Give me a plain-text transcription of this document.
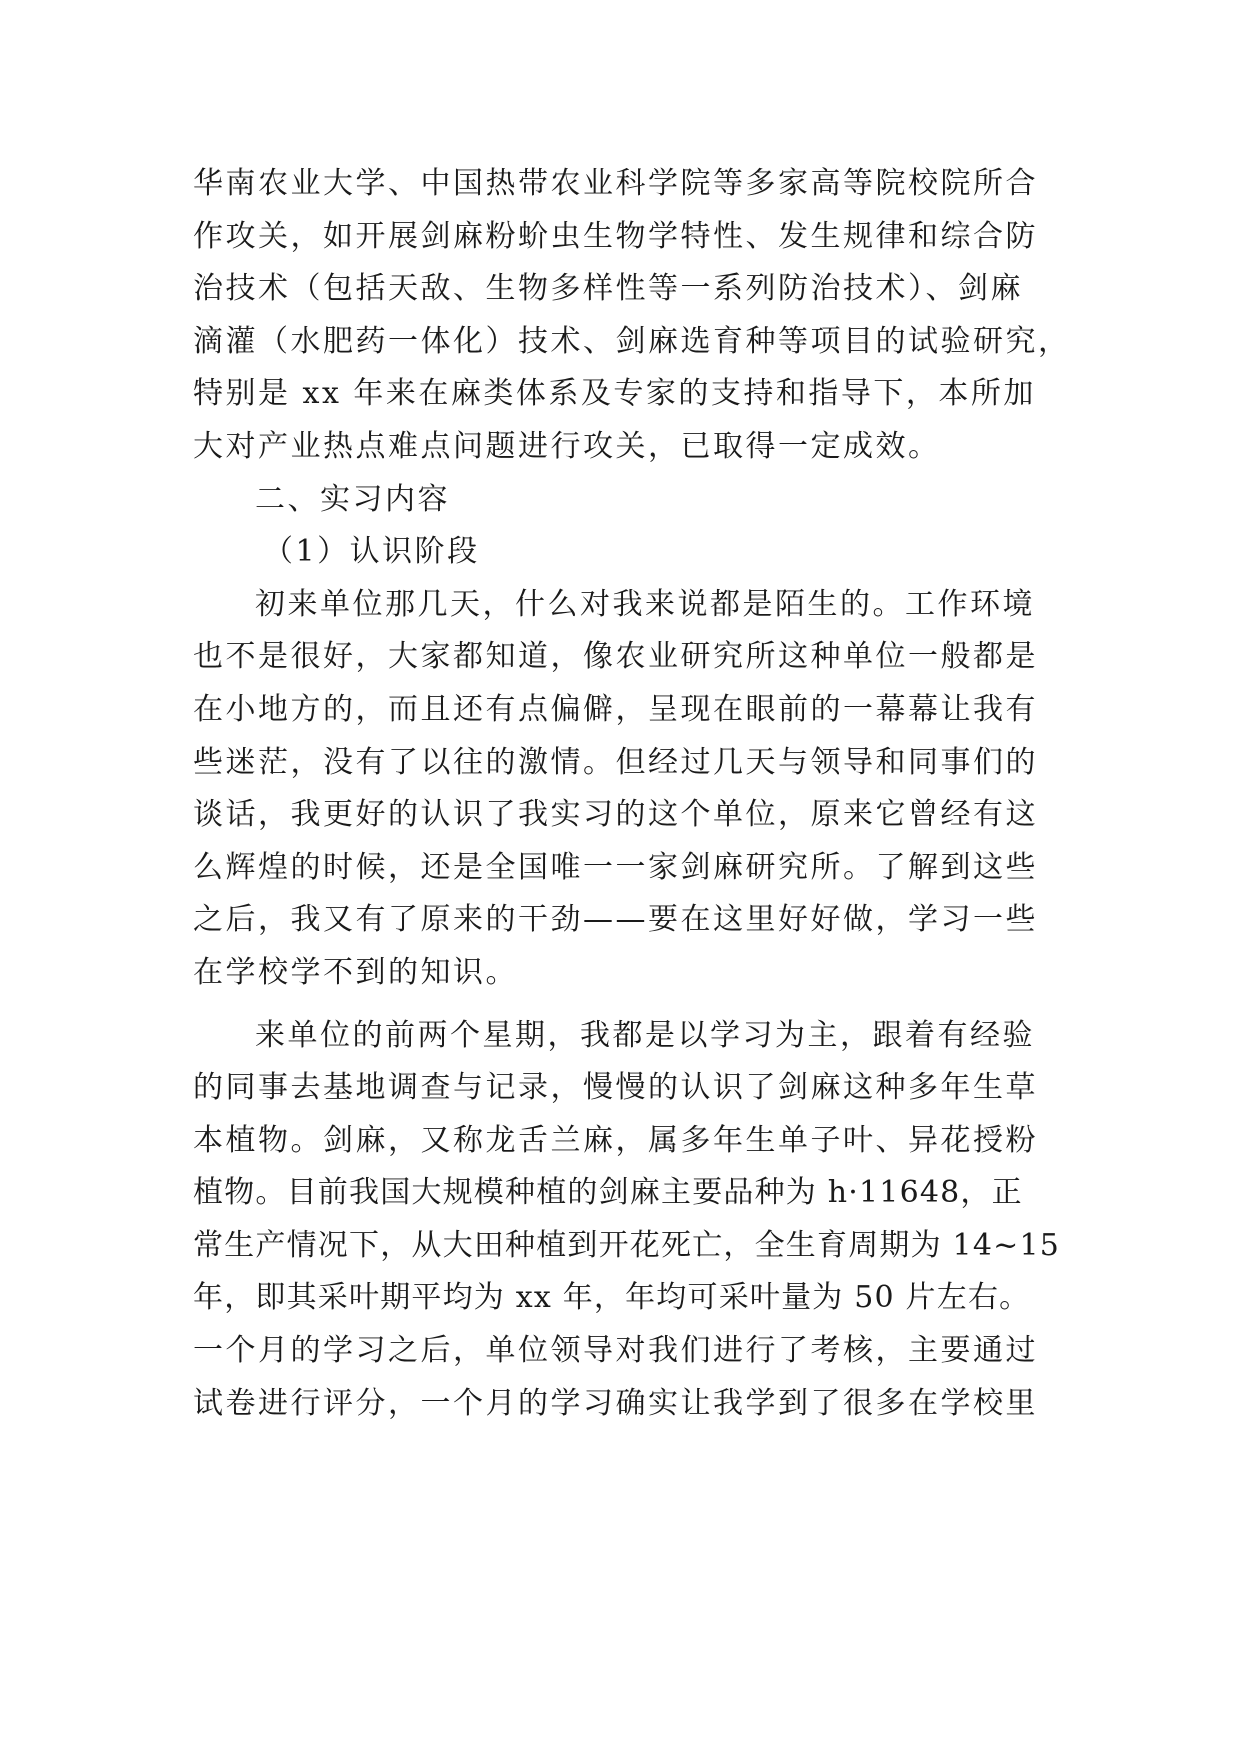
华南农业大学、中国热带农业科学院等多家高等院校院所合
作攻关，如开展剑麻粉蚧虫生物学特性、发生规律和综合防
治技术（包括天敌、生物多样性等一系列防治技术）、剑麻
滴灌（水肥药一体化）技术、剑麻选育种等项目的试验研究，
特别是 xx 年来在麻类体系及专家的支持和指导下，本所加
大对产业热点难点问题进行攻关，已取得一定成效。
二、实习内容
（1）认识阶段
初来单位那几天，什么对我来说都是陌生的。工作环境
也不是很好，大家都知道，像农业研究所这种单位一般都是
在小地方的，而且还有点偏僻，呈现在眼前的一幕幕让我有
些迷茫，没有了以往的激情。但经过几天与领导和同事们的
谈话，我更好的认识了我实习的这个单位，原来它曾经有这
么辉煌的时候，还是全国唯一一家剑麻研究所。了解到这些
之后，我又有了原来的干劲——要在这里好好做，学习一些
在学校学不到的知识。
来单位的前两个星期，我都是以学习为主，跟着有经验
的同事去基地调查与记录，慢慢的认识了剑麻这种多年生草
本植物。剑麻，又称龙舌兰麻，属多年生单子叶、异花授粉
植物。目前我国大规模种植的剑麻主要品种为 h·11648，正
常生产情况下，从大田种植到开花死亡，全生育周期为 14~15
年，即其采叶期平均为 xx 年，年均可采叶量为 50 片左右。
一个月的学习之后，单位领导对我们进行了考核，主要通过
试卷进行评分，一个月的学习确实让我学到了很多在学校里
